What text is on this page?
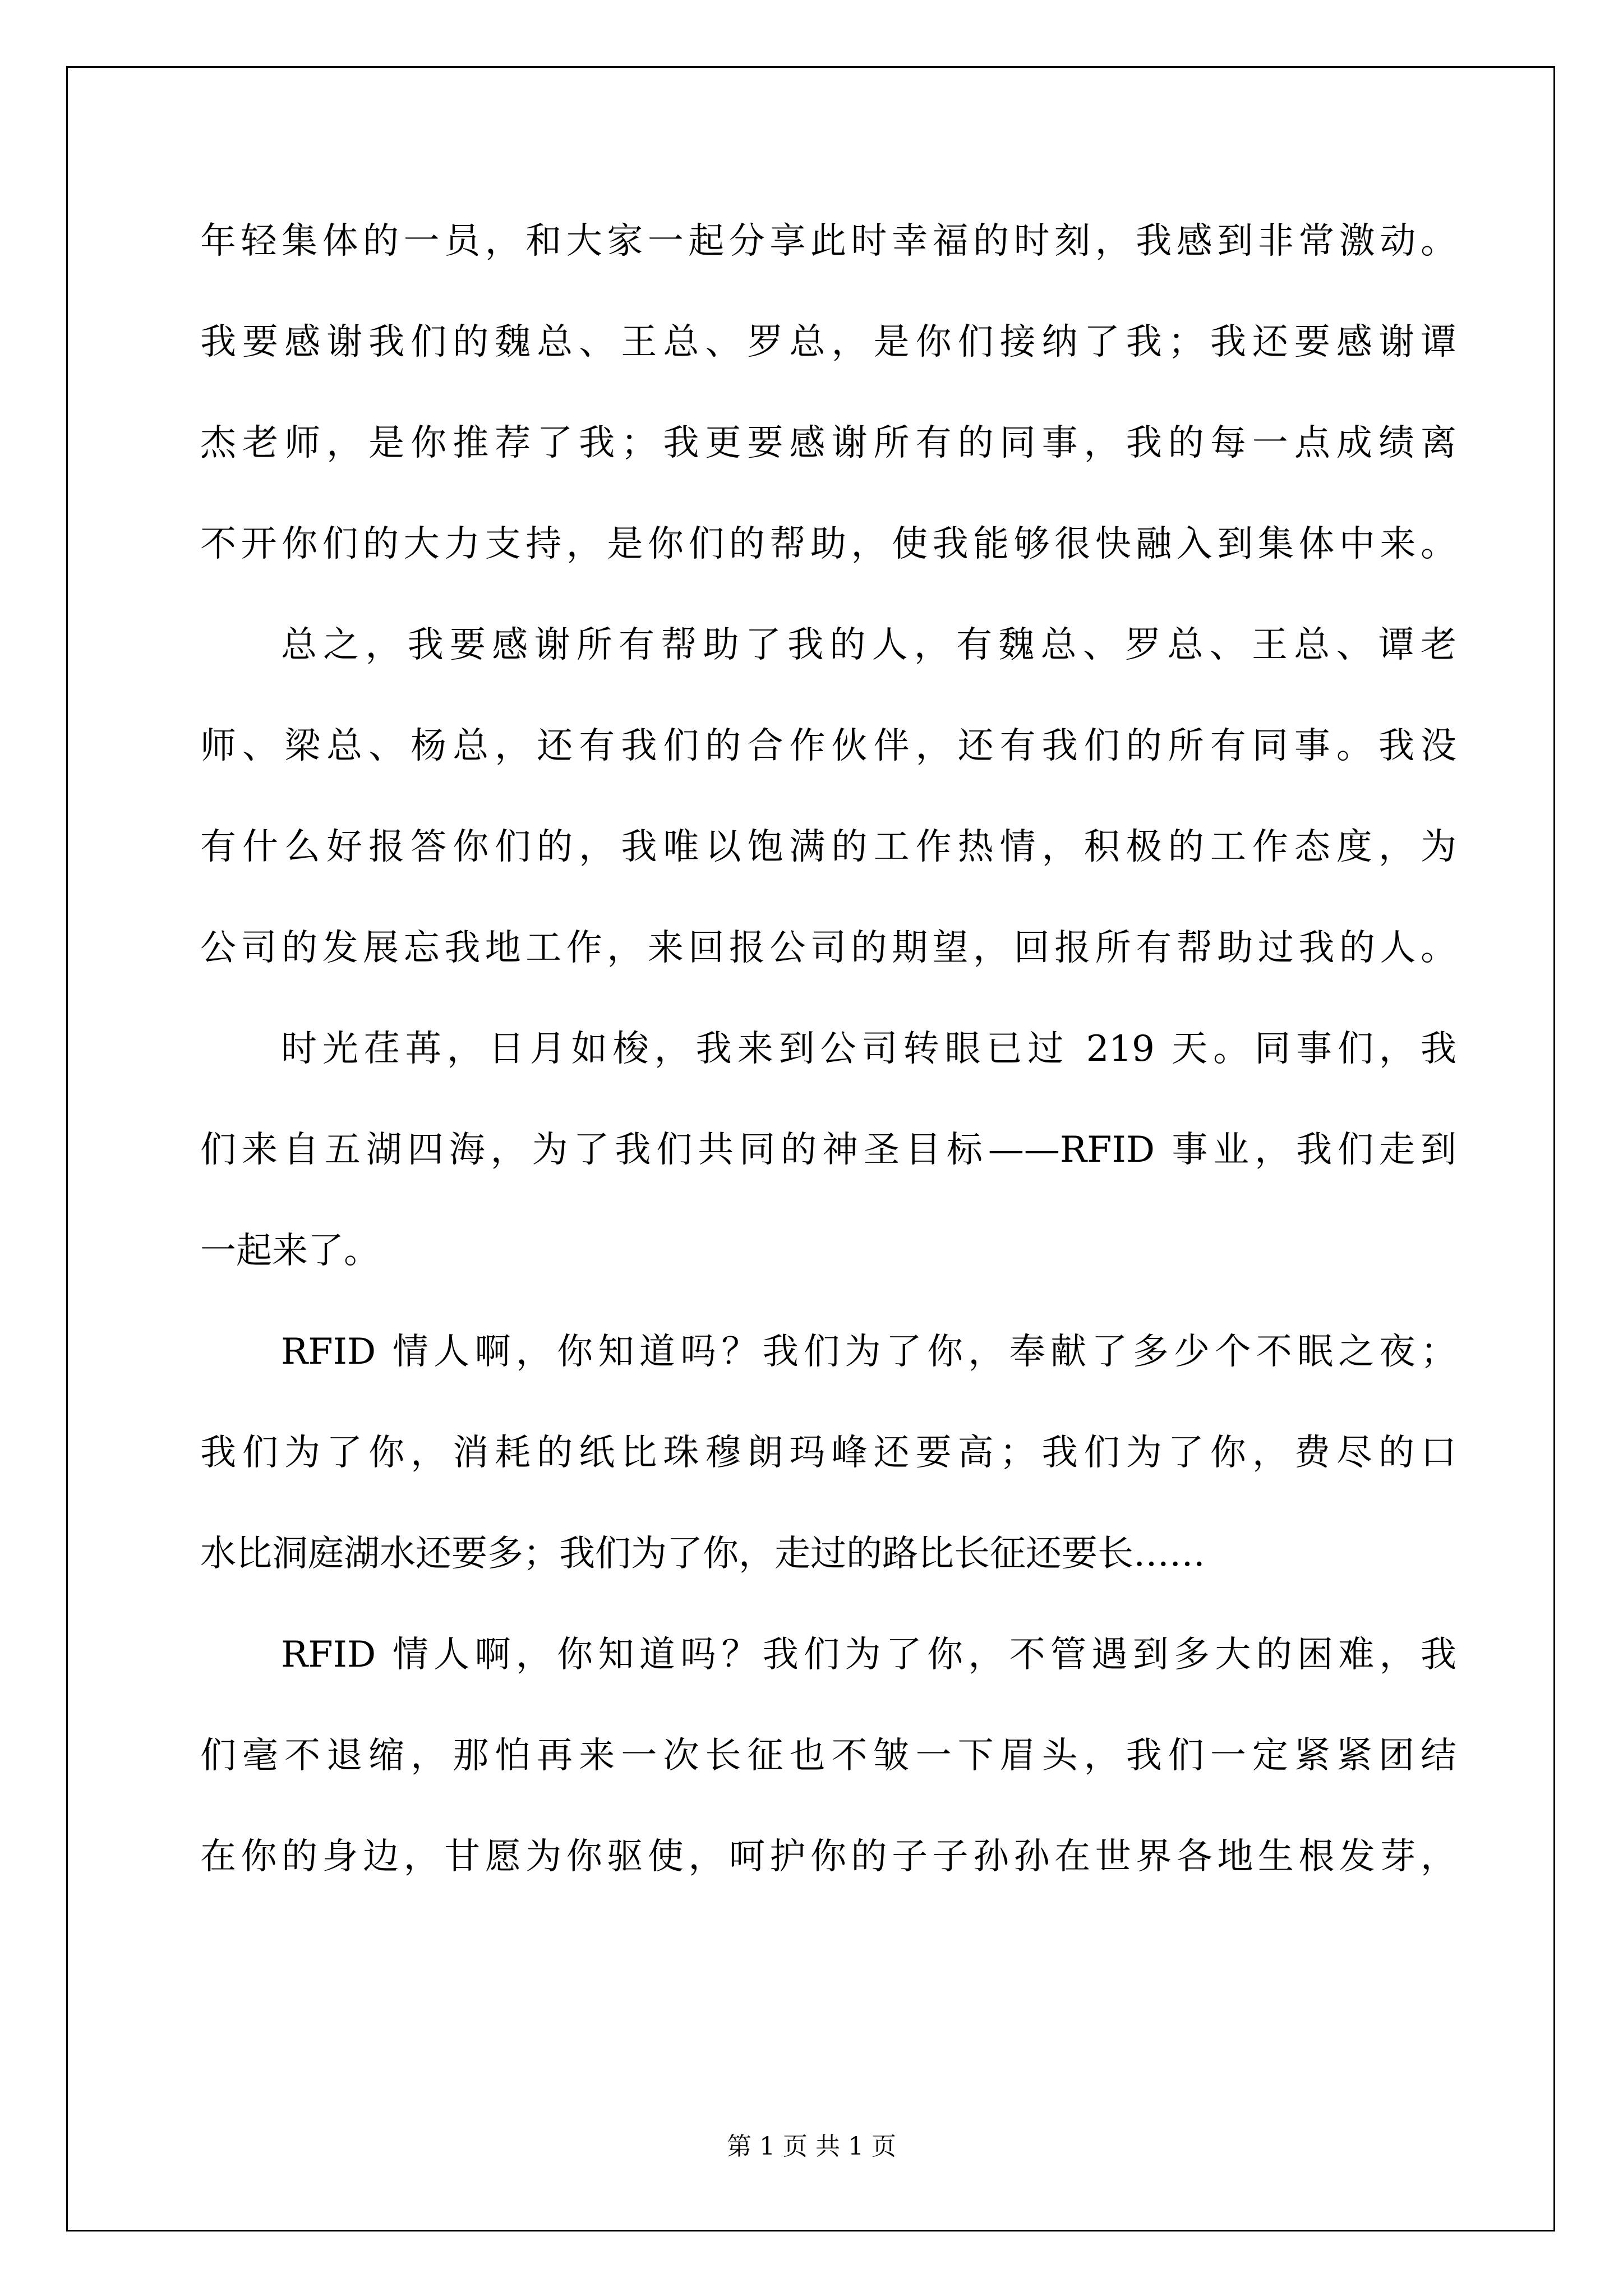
年轻集体的一员，和大家一起分享此时幸福的时刻，我感到非常激动。
我要感谢我们的魏总、王总、罗总，是你们接纳了我；我还要感谢谭
杰老师，是你推荐了我；我更要感谢所有的同事，我的每一点成绩离
不开你们的大力支持，是你们的帮助，使我能够很快融入到集体中来。
总之，我要感谢所有帮助了我的人，有魏总、罗总、王总、谭老
师、梁总、杨总，还有我们的合作伙伴，还有我们的所有同事。我没
有什么好报答你们的，我唯以饱满的工作热情，积极的工作态度，为
公司的发展忘我地工作，来回报公司的期望，回报所有帮助过我的人。
时光荏苒，日月如梭，我来到公司转眼已过 219 天。同事们，我
们来自五湖四海，为了我们共同的神圣目标——RFID 事业，我们走到
一起来了。
RFID 情人啊，你知道吗？我们为了你，奉献了多少个不眠之夜；
我们为了你，消耗的纸比珠穆朗玛峰还要高；我们为了你，费尽的口
水比洞庭湖水还要多；我们为了你，走过的路比长征还要长……
RFID 情人啊，你知道吗？我们为了你，不管遇到多大的困难，我
们毫不退缩，那怕再来一次长征也不皱一下眉头，我们一定紧紧团结
在你的身边，甘愿为你驱使，呵护你的子子孙孙在世界各地生根发芽，
第 1 页 共 1 页
